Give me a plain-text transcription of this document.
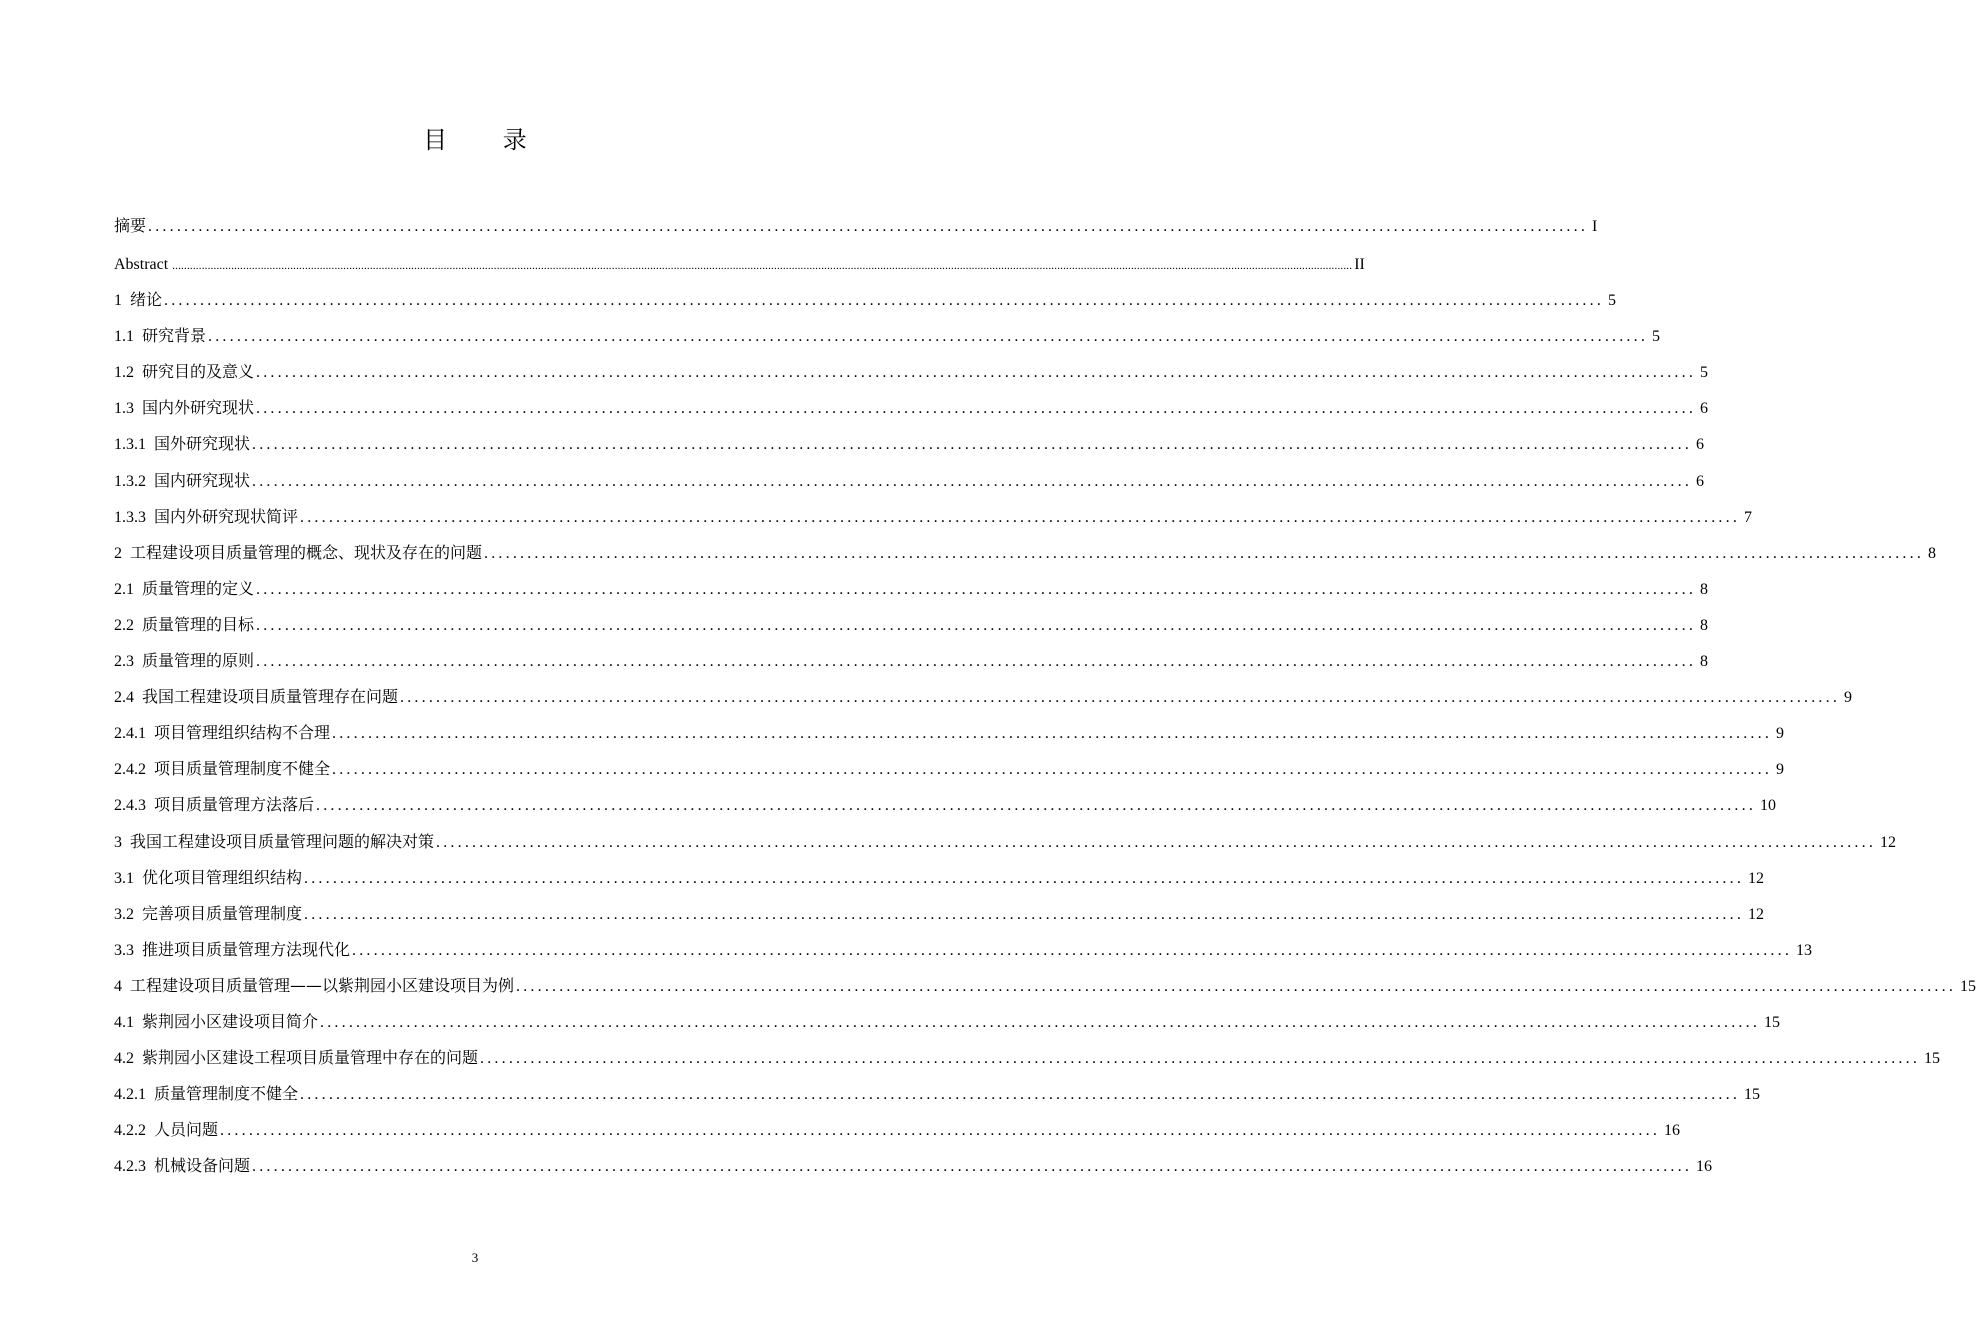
目 录
摘要 ........................................................................................................................................................................................................ I
Abstract ................................................................................................................................................................................................................................................................................................................................................................................................................ II
1 绪论 ........................................................................................................................................................................................................ 5
1.1 研究背景 ........................................................................................................................................................................................................ 5
1.2 研究目的及意义 ........................................................................................................................................................................................................ 5
1.3 国内外研究现状 ........................................................................................................................................................................................................ 6
1.3.1 国外研究现状 ........................................................................................................................................................................................................ 6
1.3.2 国内研究现状 ........................................................................................................................................................................................................ 6
1.3.3 国内外研究现状简评 ........................................................................................................................................................................................................ 7
2 工程建设项目质量管理的概念、现状及存在的问题 ........................................................................................................................................................................................................ 8
2.1 质量管理的定义 ........................................................................................................................................................................................................ 8
2.2 质量管理的目标 ........................................................................................................................................................................................................ 8
2.3 质量管理的原则 ........................................................................................................................................................................................................ 8
2.4 我国工程建设项目质量管理存在问题 ........................................................................................................................................................................................................ 9
2.4.1 项目管理组织结构不合理 ........................................................................................................................................................................................................ 9
2.4.2 项目质量管理制度不健全 ........................................................................................................................................................................................................ 9
2.4.3 项目质量管理方法落后 ........................................................................................................................................................................................................ 10
3 我国工程建设项目质量管理问题的解决对策 ........................................................................................................................................................................................................ 12
3.1 优化项目管理组织结构 ........................................................................................................................................................................................................ 12
3.2 完善项目质量管理制度 ........................................................................................................................................................................................................ 12
3.3 推进项目质量管理方法现代化 ........................................................................................................................................................................................................ 13
4 工程建设项目质量管理——以紫荆园小区建设项目为例 ........................................................................................................................................................................................................ 15
4.1 紫荆园小区建设项目简介 ........................................................................................................................................................................................................ 15
4.2 紫荆园小区建设工程项目质量管理中存在的问题 ........................................................................................................................................................................................................ 15
4.2.1 质量管理制度不健全 ........................................................................................................................................................................................................ 15
4.2.2 人员问题 ........................................................................................................................................................................................................ 16
4.2.3 机械设备问题 ........................................................................................................................................................................................................ 16
3
